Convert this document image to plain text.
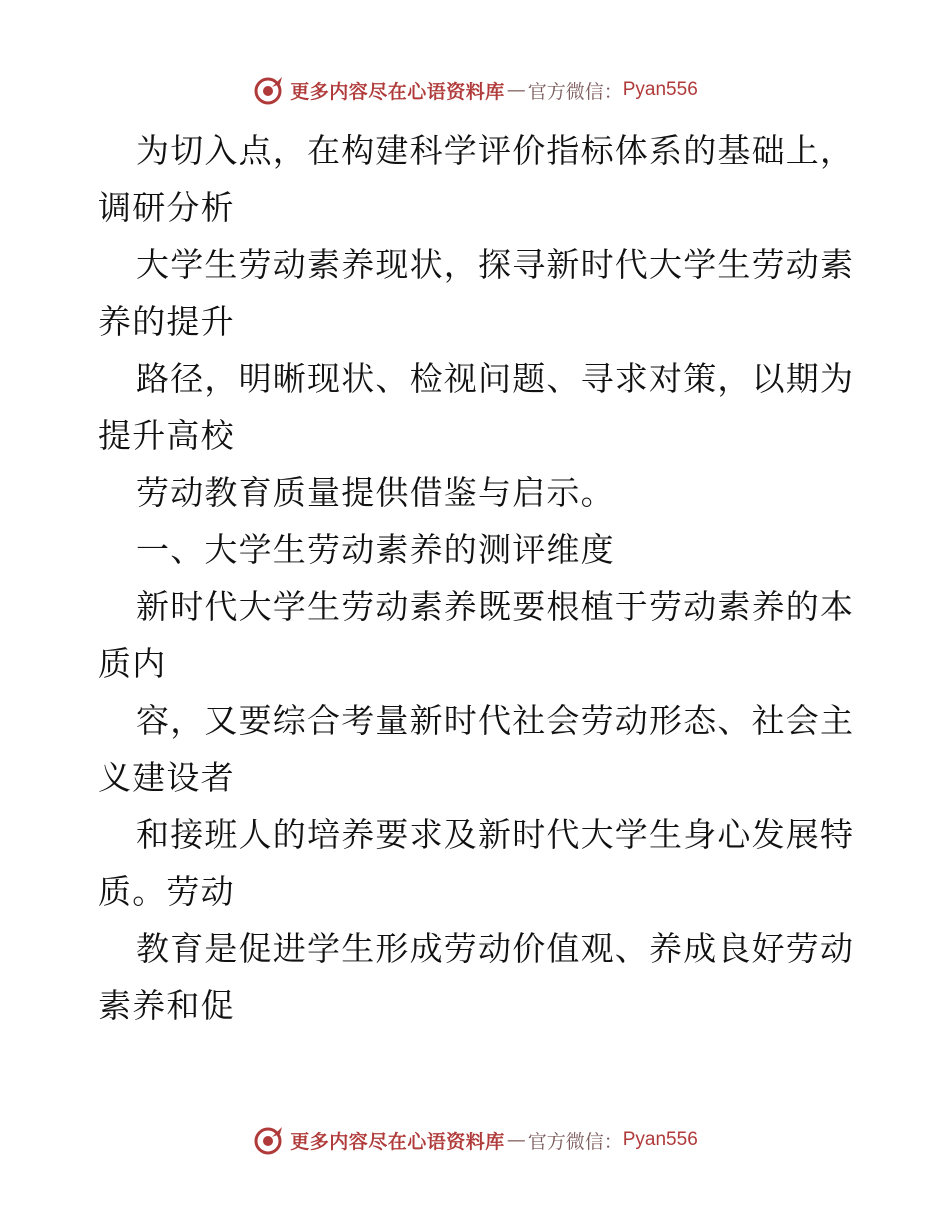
更多内容尽在心语资料库 — 官方微信： Pyan556

为切入点，在构建科学评价指标体系的基础上，

调研分析

大学生劳动素养现状，探寻新时代大学生劳动素

养的提升

路径，明晰现状、检视问题、寻求对策，以期为

提升高校

劳动教育质量提供借鉴与启示。

一、大学生劳动素养的测评维度

新时代大学生劳动素养既要根植于劳动素养的本

质内

容，又要综合考量新时代社会劳动形态、社会主

义建设者

和接班人的培养要求及新时代大学生身心发展特

质。劳动

教育是促进学生形成劳动价值观、养成良好劳动

素养和促

更多内容尽在心语资料库 — 官方微信： Pyan556
